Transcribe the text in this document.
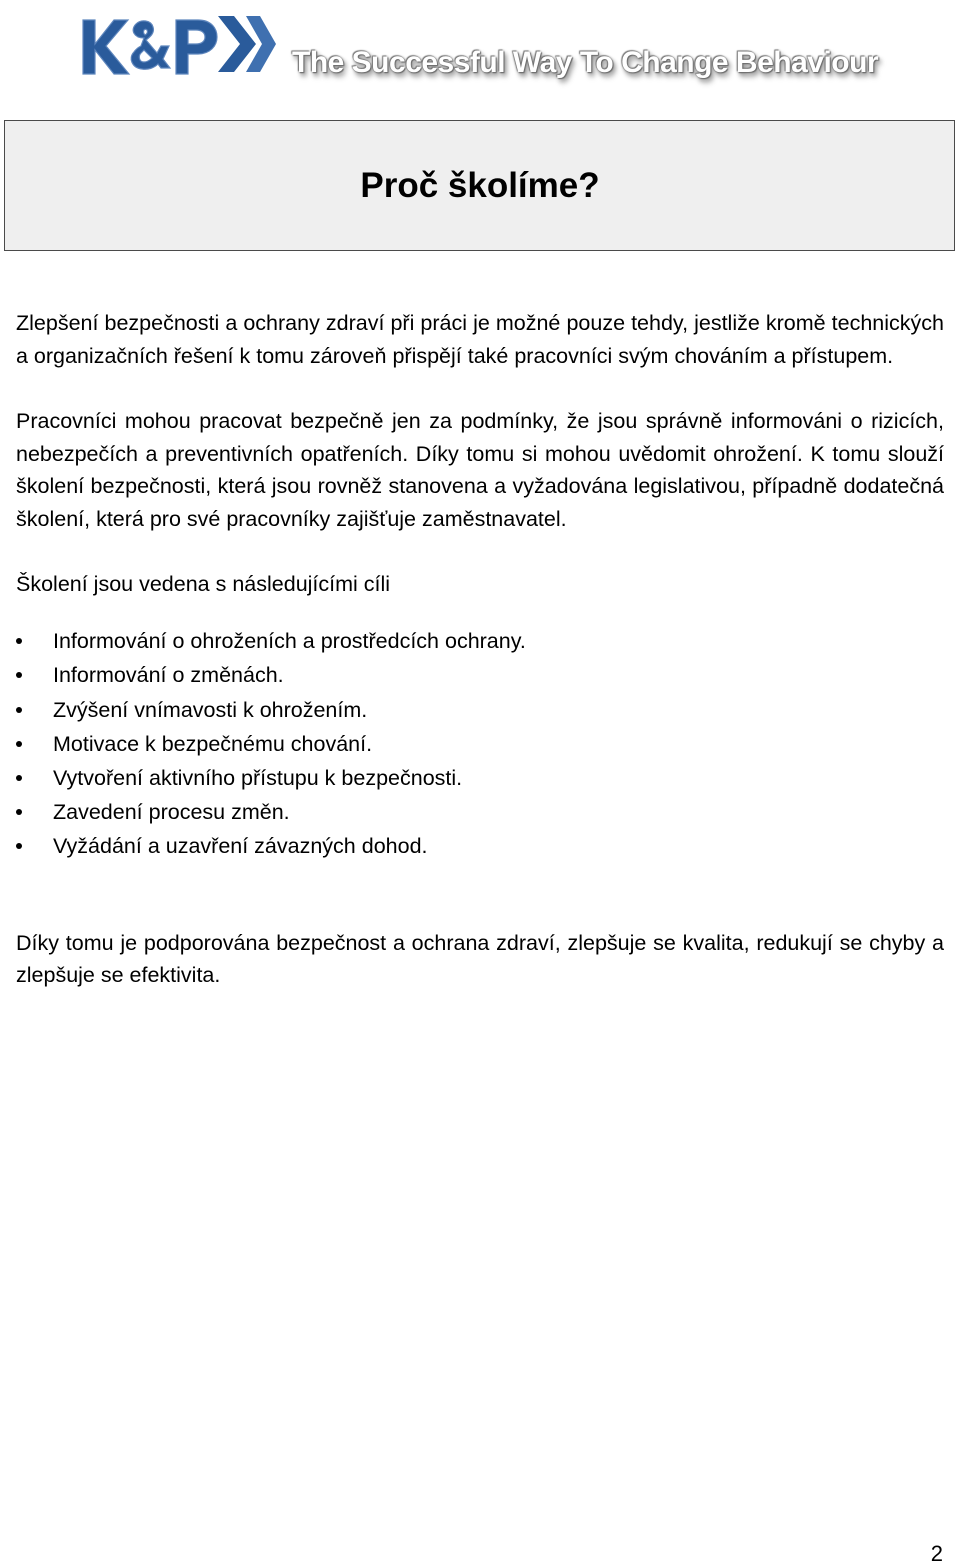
The Successful Way To Change Behaviour
Proč školíme?

Zlepšení bezpečnosti a ochrany zdraví při práci je možné pouze tehdy, jestliže kromě technických a organizačních řešení k tomu zároveň přispějí také pracovníci svým chováním a přístupem.

Pracovníci mohou pracovat bezpečně jen za podmínky, že jsou správně informováni o rizicích, nebezpečích a preventivních opatřeních. Díky tomu si mohou uvědomit ohrožení. K tomu slouží školení bezpečnosti, která jsou rovněž stanovena a vyžadována legislativou, případně dodatečná školení, která pro své pracovníky zajišťuje zaměstnavatel.

Školení jsou vedena s následujícími cíli

Informování o ohroženích a prostředcích ochrany.
Informování o změnách.
Zvýšení vnímavosti k ohrožením.
Motivace k bezpečnému chování.
Vytvoření aktivního přístupu k bezpečnosti.
Zavedení procesu změn.
Vyžádání a uzavření závazných dohod.

Díky tomu je podporována bezpečnost a ochrana zdraví, zlepšuje se kvalita, redukují se chyby a zlepšuje se efektivita.

2
